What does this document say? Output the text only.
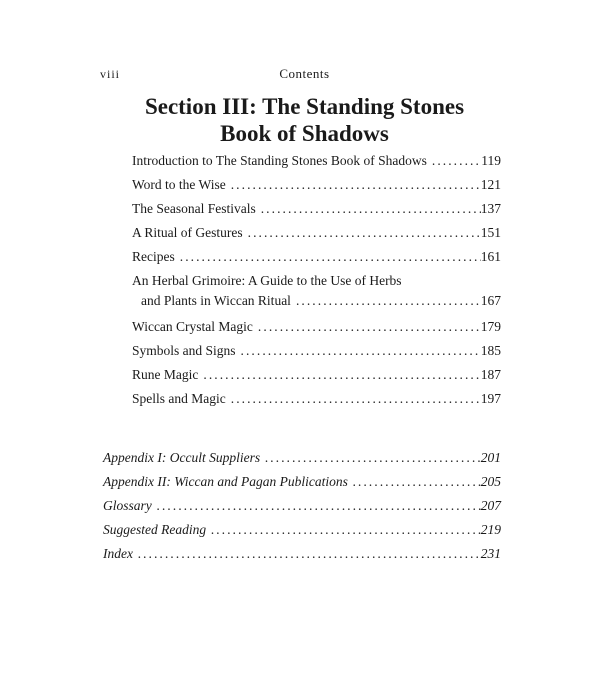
viii	Contents
Section III: The Standing Stones
Book of Shadows
Introduction to The Standing Stones Book of Shadows . . .	119
Word to the Wise . . .	121
The Seasonal Festivals . . .	137
A Ritual of Gestures . . .	151
Recipes . . .	161
An Herbal Grimoire: A Guide to the Use of Herbs
and Plants in Wiccan Ritual . . .	167
Wiccan Crystal Magic . . .	179
Symbols and Signs . . .	185
Rune Magic . . .	187
Spells and Magic . . .	197
Appendix I: Occult Suppliers . . .	201
Appendix II: Wiccan and Pagan Publications . . .	205
Glossary . . .	207
Suggested Reading . . .	219
Index . . .	231
